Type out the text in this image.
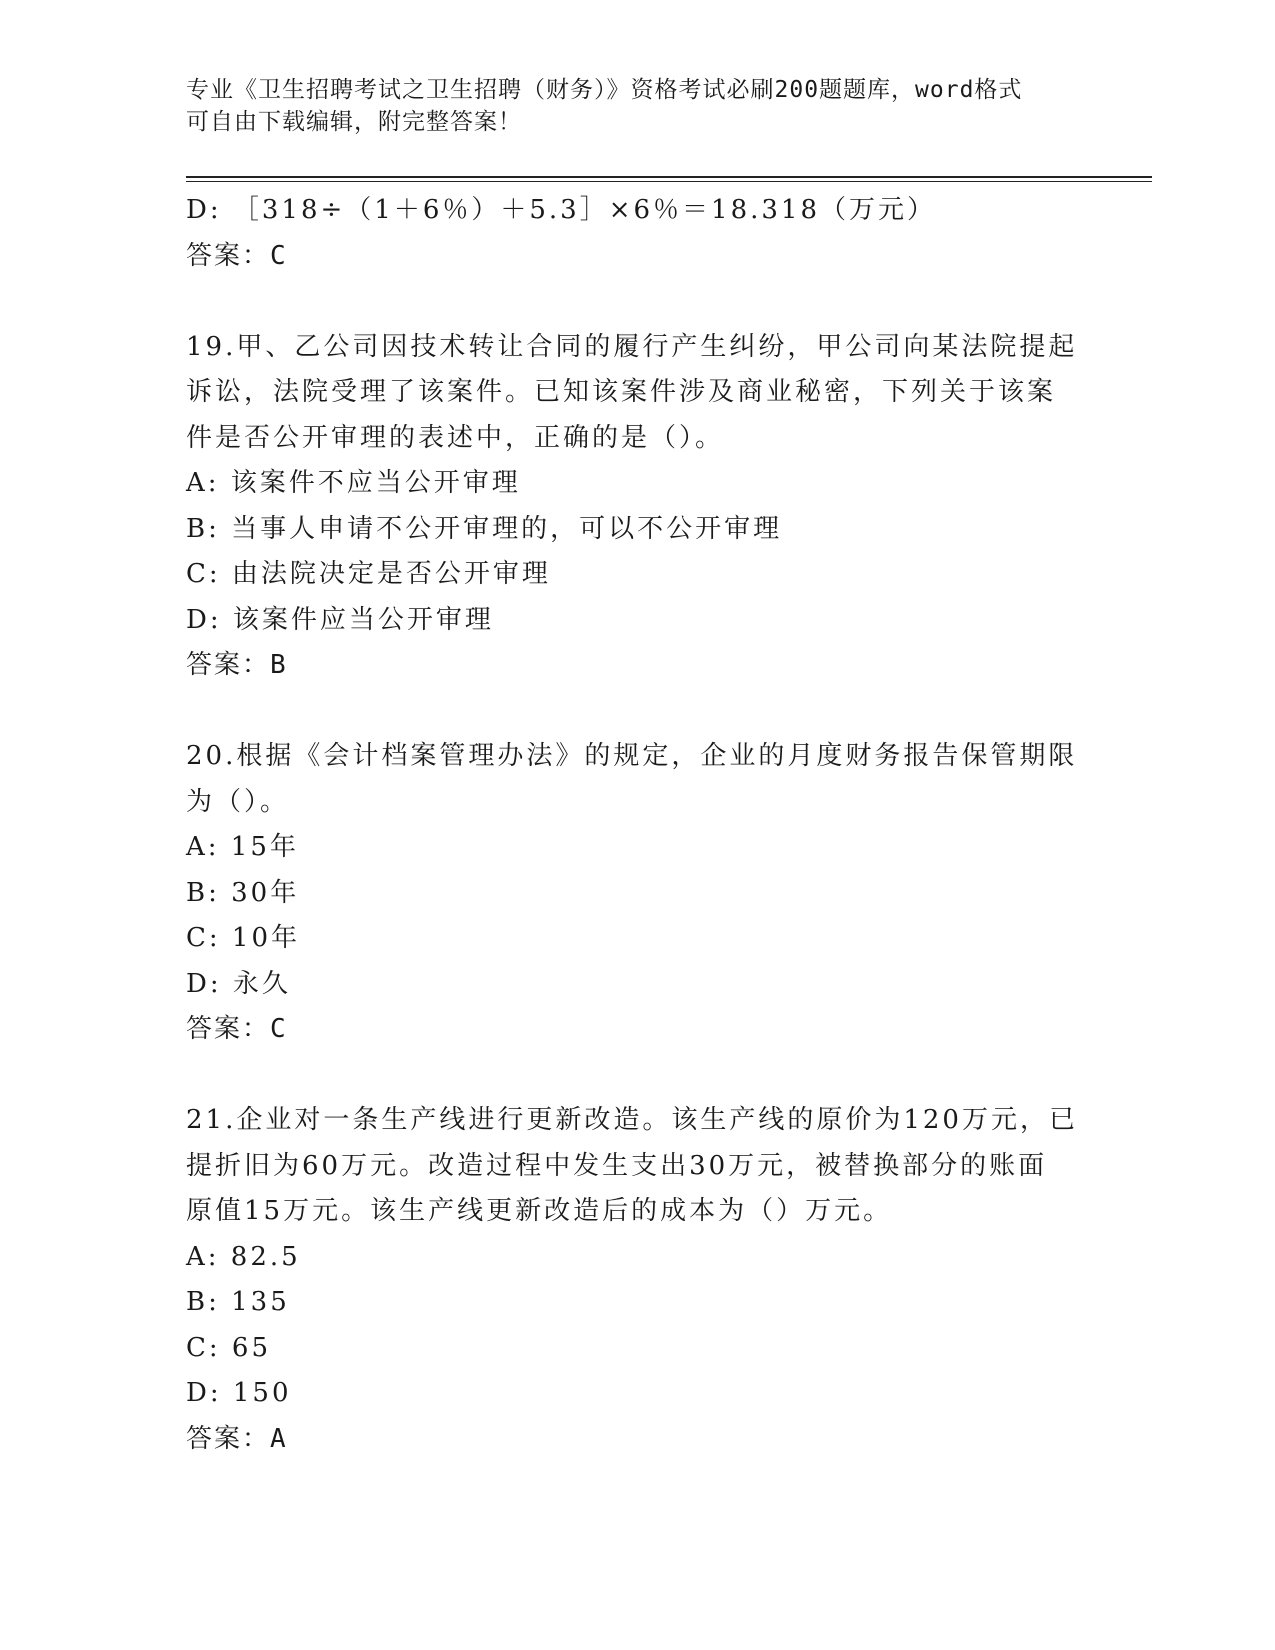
专业《卫生招聘考试之卫生招聘（财务）》资格考试必刷200题题库，word格式
可自由下载编辑，附完整答案！
D: ［318÷（1＋6％）＋5.3］×6％＝18.318（万元）
答案：C
19.甲、乙公司因技术转让合同的履行产生纠纷，甲公司向某法院提起
诉讼，法院受理了该案件。已知该案件涉及商业秘密，下列关于该案
件是否公开审理的表述中，正确的是（）。
A: 该案件不应当公开审理
B: 当事人申请不公开审理的，可以不公开审理
C: 由法院决定是否公开审理
D: 该案件应当公开审理
答案：B
20.根据《会计档案管理办法》的规定，企业的月度财务报告保管期限
为（）。
A: 15年
B: 30年
C: 10年
D: 永久
答案：C
21.企业对一条生产线进行更新改造。该生产线的原价为120万元，已
提折旧为60万元。改造过程中发生支出30万元，被替换部分的账面
原值15万元。该生产线更新改造后的成本为（）万元。
A: 82.5
B: 135
C: 65
D: 150
答案：A
